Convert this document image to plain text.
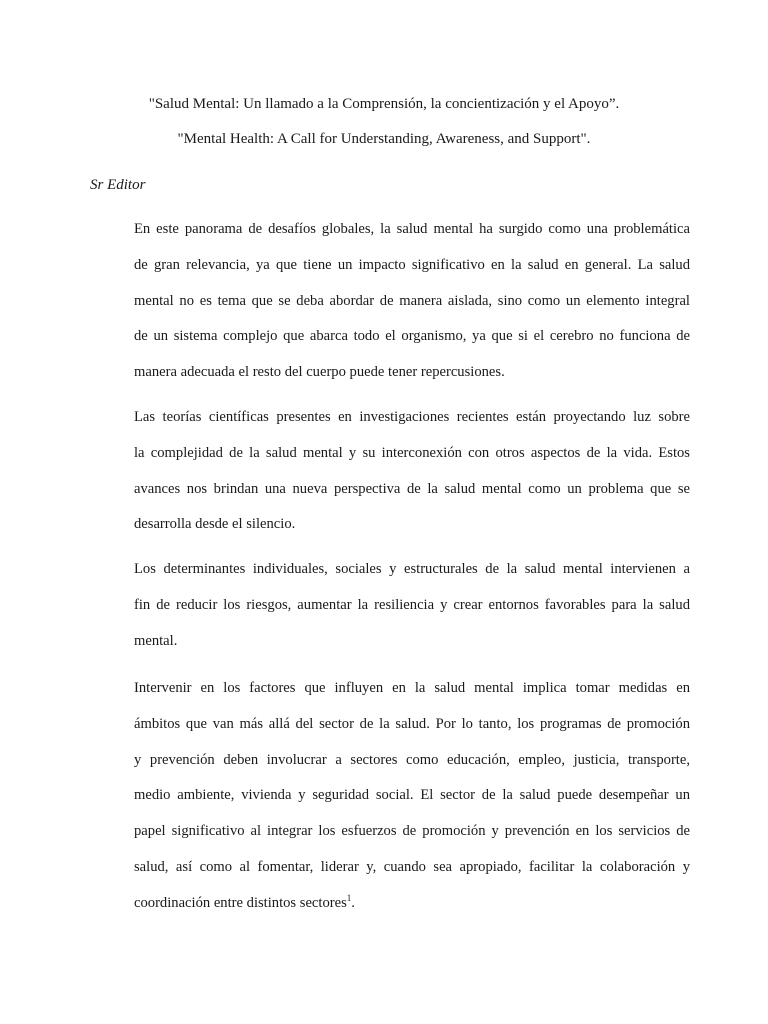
"Salud Mental: Un llamado a la Comprensión, la concientización y el Apoyo”.
"Mental Health: A Call for Understanding, Awareness, and Support".

Sr Editor

En este panorama de desafíos globales, la salud mental ha surgido como una problemática
de gran relevancia, ya que tiene un impacto significativo en la salud en general. La salud
mental no es tema que se deba abordar de manera aislada, sino como un elemento integral
de un sistema complejo que abarca todo el organismo, ya que si el cerebro no funciona de
manera adecuada el resto del cuerpo puede tener repercusiones.

Las teorías científicas presentes en investigaciones recientes están proyectando luz sobre
la complejidad de la salud mental y su interconexión con otros aspectos de la vida. Estos
avances nos brindan una nueva perspectiva de la salud mental como un problema que se
desarrolla desde el silencio.

Los determinantes individuales, sociales y estructurales de la salud mental intervienen a
fin de reducir los riesgos, aumentar la resiliencia y crear entornos favorables para la salud
mental.

Intervenir en los factores que influyen en la salud mental implica tomar medidas en
ámbitos que van más allá del sector de la salud. Por lo tanto, los programas de promoción
y prevención deben involucrar a sectores como educación, empleo, justicia, transporte,
medio ambiente, vivienda y seguridad social. El sector de la salud puede desempeñar un
papel significativo al integrar los esfuerzos de promoción y prevención en los servicios de
salud, así como al fomentar, liderar y, cuando sea apropiado, facilitar la colaboración y
coordinación entre distintos sectores$^1$.
